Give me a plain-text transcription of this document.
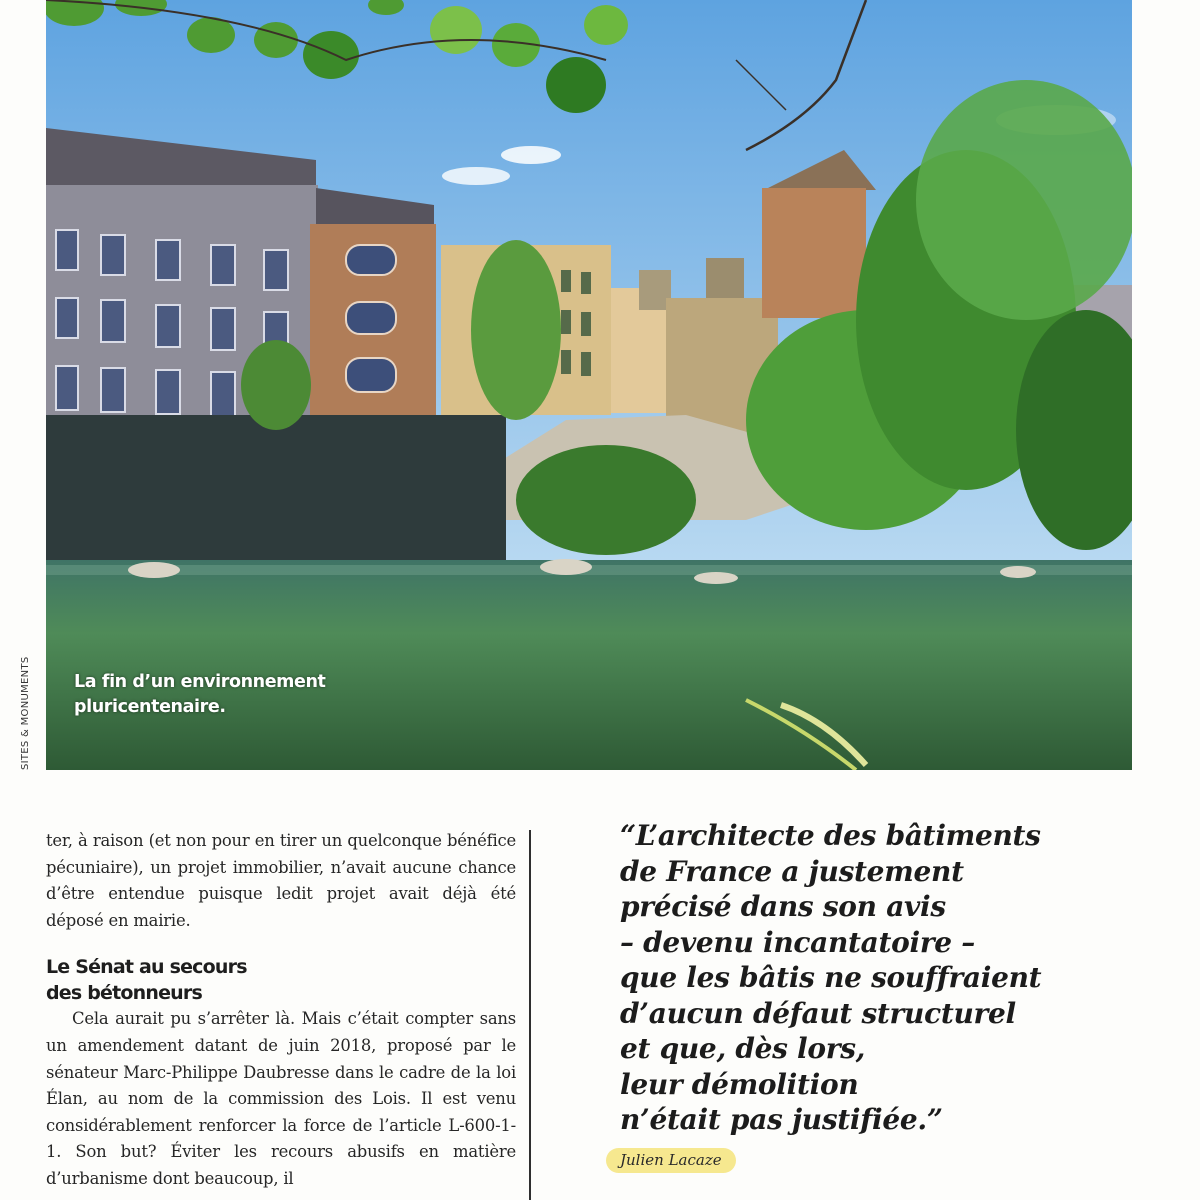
La fin d’un environnement
pluricentenaire.
SITES & MONUMENTS

ter, à raison (et non pour en tirer un quelconque bénéfice pécuniaire), un projet immobilier, n’avait aucune chance d’être entendue puisque ledit projet avait déjà été déposé en mairie.

Le Sénat au secours
des bétonneurs

Cela aurait pu s’arrêter là. Mais c’était compter sans un amendement datant de juin 2018, proposé par le sénateur Marc-Philippe Daubresse dans le cadre de la loi Élan, au nom de la commission des Lois. Il est venu considérablement renforcer la force de l’article L-600-1-1. Son but? Éviter les recours abusifs en matière d’urbanisme dont beaucoup, il

“L’architecte des bâtiments
de France a justement
précisé dans son avis
– devenu incantatoire –
que les bâtis ne souffraient
d’aucun défaut structurel
et que, dès lors,
leur démolition
n’était pas justifiée.”
Julien Lacaze
